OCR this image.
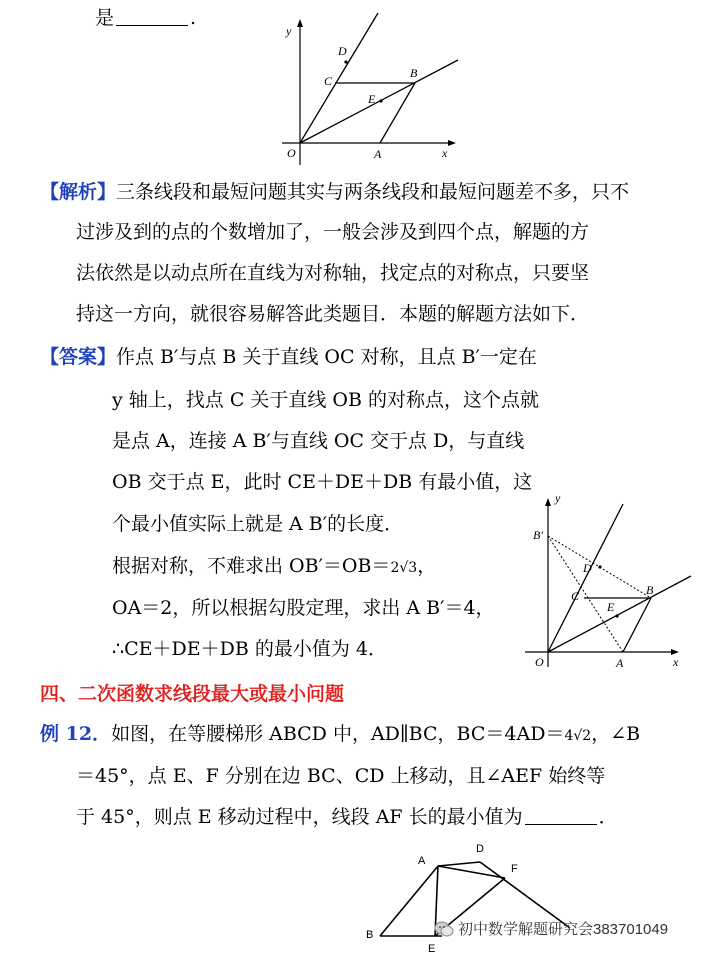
是	.
y
x
O	A
B
C
D
E
【解析】三条线段和最短问题其实与两条线段和最短问题差不多，只不
过涉及到的点的个数增加了，一般会涉及到四个点，解题的方
法依然是以动点所在直线为对称轴，找定点的对称点，只要坚
持这一方向，就很容易解答此类题目．本题的解题方法如下．
【答案】作点 B′与点 B 关于直线 OC 对称，且点 B′一定在
y 轴上，找点 C 关于直线 OB 的对称点，这个点就
是点 A，连接 A B′与直线 OC 交于点 D，与直线
OB 交于点 E，此时 CE＋DE＋DB 有最小值，这
个最小值实际上就是 A B′的长度．
根据对称，不难求出 OB′＝OB＝2√3，
OA＝2，所以根据勾股定理，求出 A B′＝4，
∴CE＋DE＋DB 的最小值为 4．
y
x
O	A
B
B′
C
D
E
四、二次函数求线段最大或最小问题
例 12．如图，在等腰梯形 ABCD 中，AD∥BC，BC＝4AD＝4√2，∠B
＝45°，点 E、F 分别在边 BC、CD 上移动，且∠AEF 始终等
于 45°，则点 E 移动过程中，线段 AF 长的最小值为	．
A
D
F
B
E
初中数学解题研究会383701049
